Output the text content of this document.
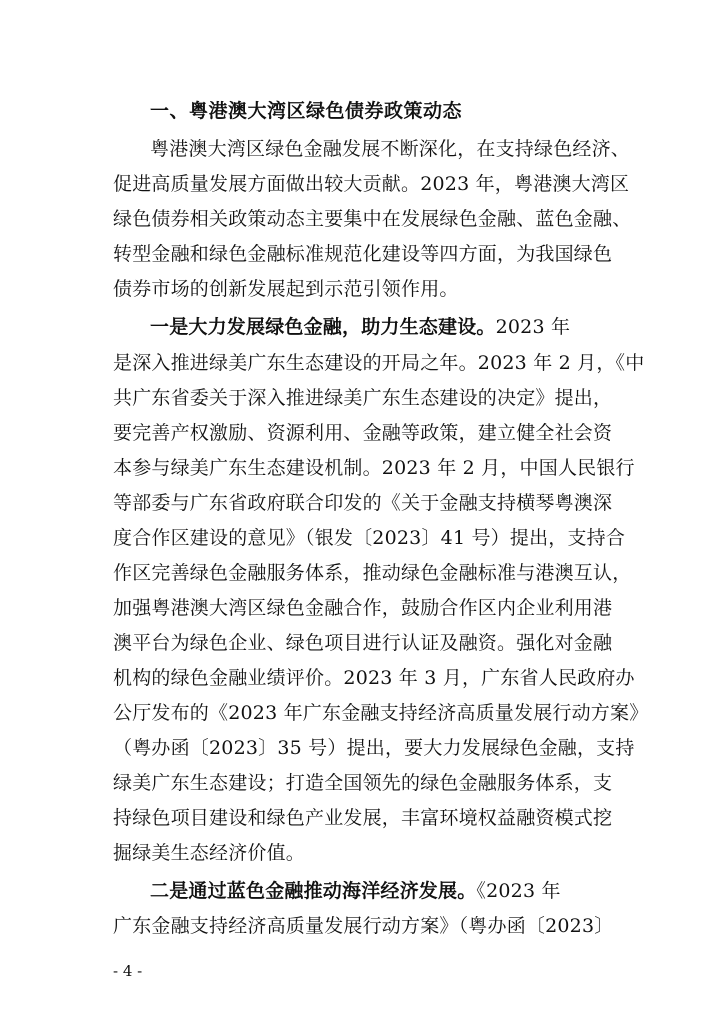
一、粤港澳大湾区绿色债券政策动态
粤港澳大湾区绿色金融发展不断深化，在支持绿色经济、
促进高质量发展方面做出较大贡献。2023 年，粤港澳大湾区
绿色债券相关政策动态主要集中在发展绿色金融、蓝色金融、
转型金融和绿色金融标准规范化建设等四方面，为我国绿色
债券市场的创新发展起到示范引领作用。
一是大力发展绿色金融，助力生态建设。2023 年
是深入推进绿美广东生态建设的开局之年。2023 年 2 月，《中
共广东省委关于深入推进绿美广东生态建设的决定》提出，
要完善产权激励、资源利用、金融等政策，建立健全社会资
本参与绿美广东生态建设机制。2023 年 2 月，中国人民银行
等部委与广东省政府联合印发的《关于金融支持横琴粤澳深
度合作区建设的意见》（银发〔2023〕41 号）提出，支持合
作区完善绿色金融服务体系，推动绿色金融标准与港澳互认，
加强粤港澳大湾区绿色金融合作，鼓励合作区内企业利用港
澳平台为绿色企业、绿色项目进行认证及融资。强化对金融
机构的绿色金融业绩评价。2023 年 3 月，广东省人民政府办
公厅发布的《2023 年广东金融支持经济高质量发展行动方案》
（粤办函〔2023〕35 号）提出，要大力发展绿色金融，支持
绿美广东生态建设；打造全国领先的绿色金融服务体系，支
持绿色项目建设和绿色产业发展，丰富环境权益融资模式挖
掘绿美生态经济价值。
二是通过蓝色金融推动海洋经济发展。《2023 年
广东金融支持经济高质量发展行动方案》（粤办函〔2023〕
- 4 -
